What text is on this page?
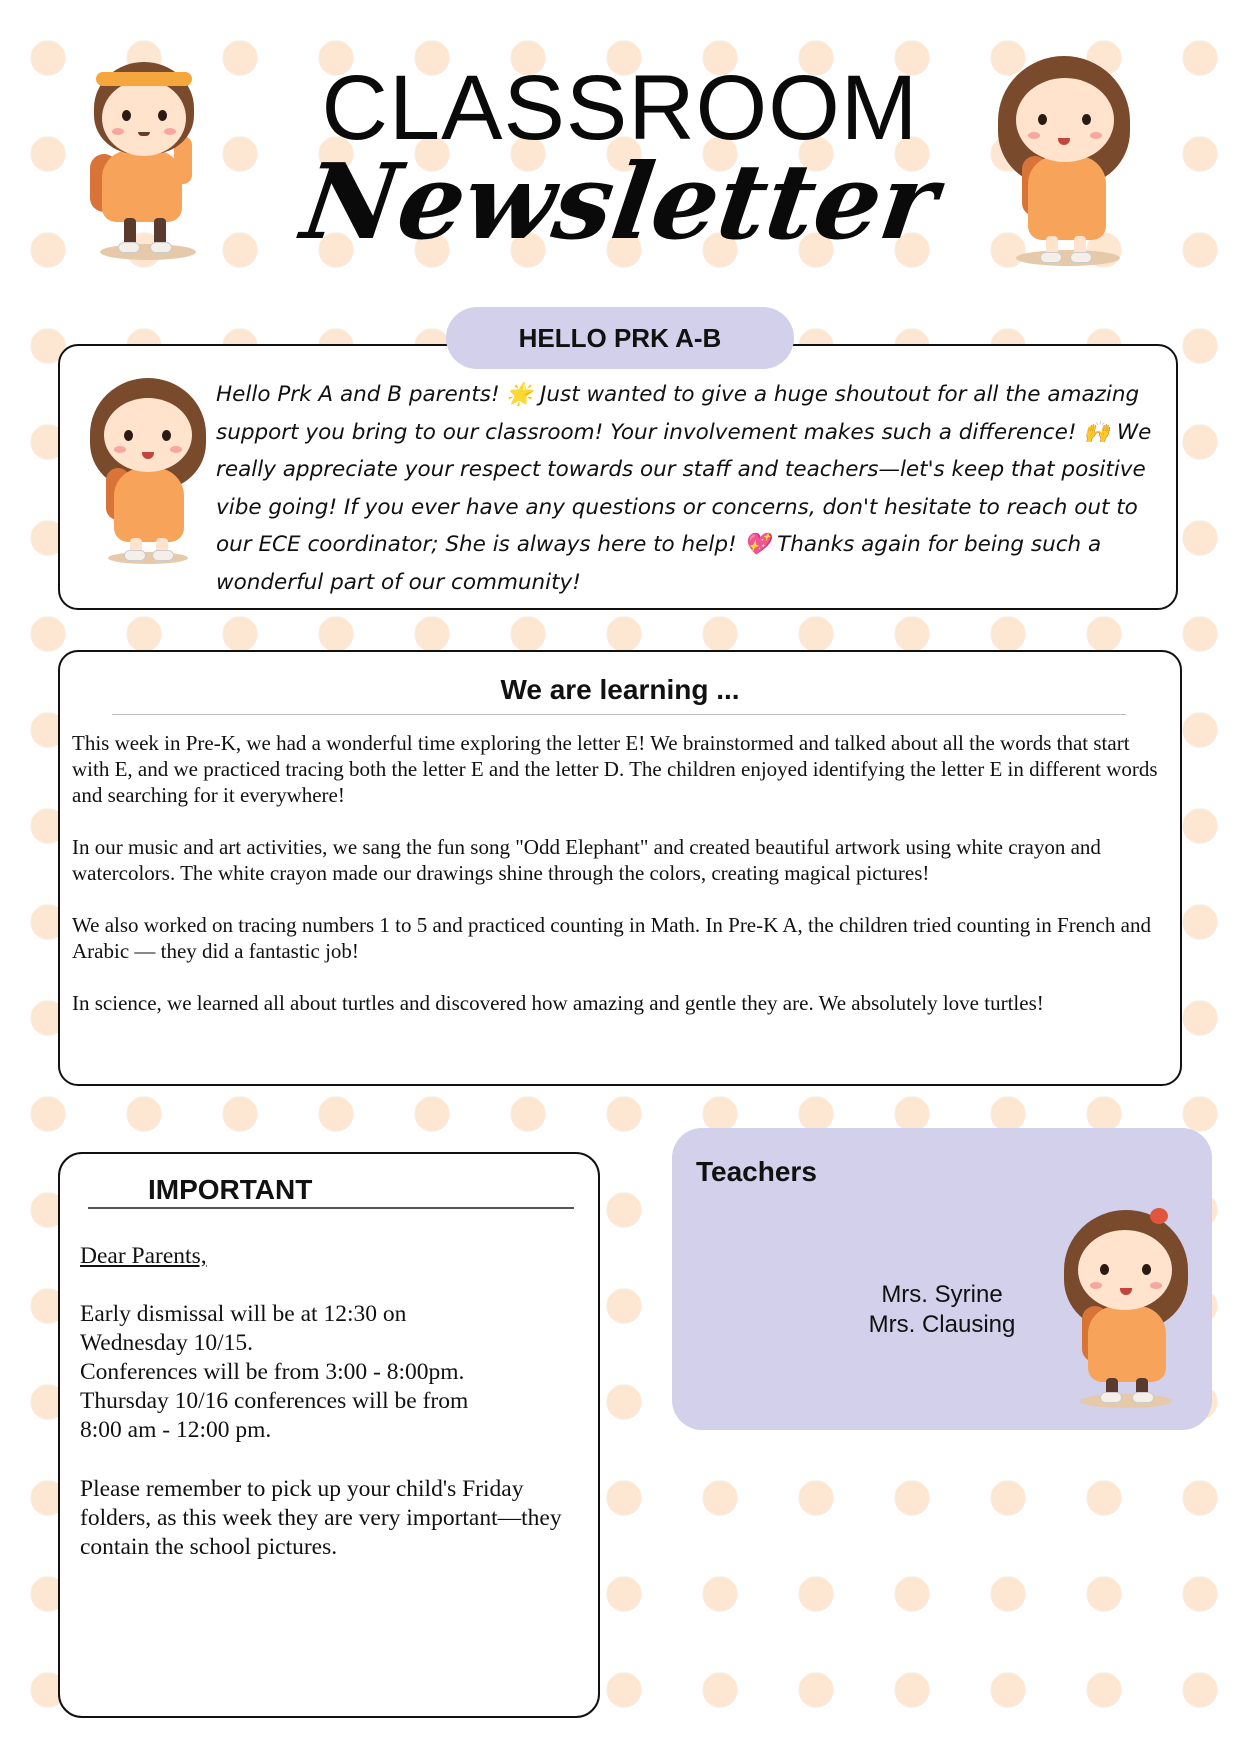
CLASSROOM
Newsletter
HELLO PRK A-B
Hello Prk A and B parents! 🌟 Just wanted to give a huge shoutout for all the amazing support you bring to our classroom! Your involvement makes such a difference! 🙌 We really appreciate your respect towards our staff and teachers—let's keep that positive vibe going! If you ever have any questions or concerns, don't hesitate to reach out to our ECE coordinator; She is always here to help! 💖 Thanks again for being such a wonderful part of our community!
We are learning ...

This week in Pre-K, we had a wonderful time exploring the letter E! We brainstormed and talked about all the words that start with E, and we practiced tracing both the letter E and the letter D. The children enjoyed identifying the letter E in different words and searching for it everywhere!

In our music and art activities, we sang the fun song "Odd Elephant" and created beautiful artwork using white crayon and watercolors. The white crayon made our drawings shine through the colors, creating magical pictures!

We also worked on tracing numbers 1 to 5 and practiced counting in Math. In Pre-K A, the children tried counting in French and Arabic — they did a fantastic job!

In science, we learned all about turtles and discovered how amazing and gentle they are. We absolutely love turtles!

IMPORTANT
Dear Parents,
Early dismissal will be at 12:30 on
Wednesday 10/15.
Conferences will be from 3:00 - 8:00pm.
Thursday 10/16 conferences will be from
8:00 am - 12:00 pm.
Please remember to pick up your child's Friday folders, as this week they are very important—they contain the school pictures.
Teachers
Mrs. Syrine
Mrs. Clausing
